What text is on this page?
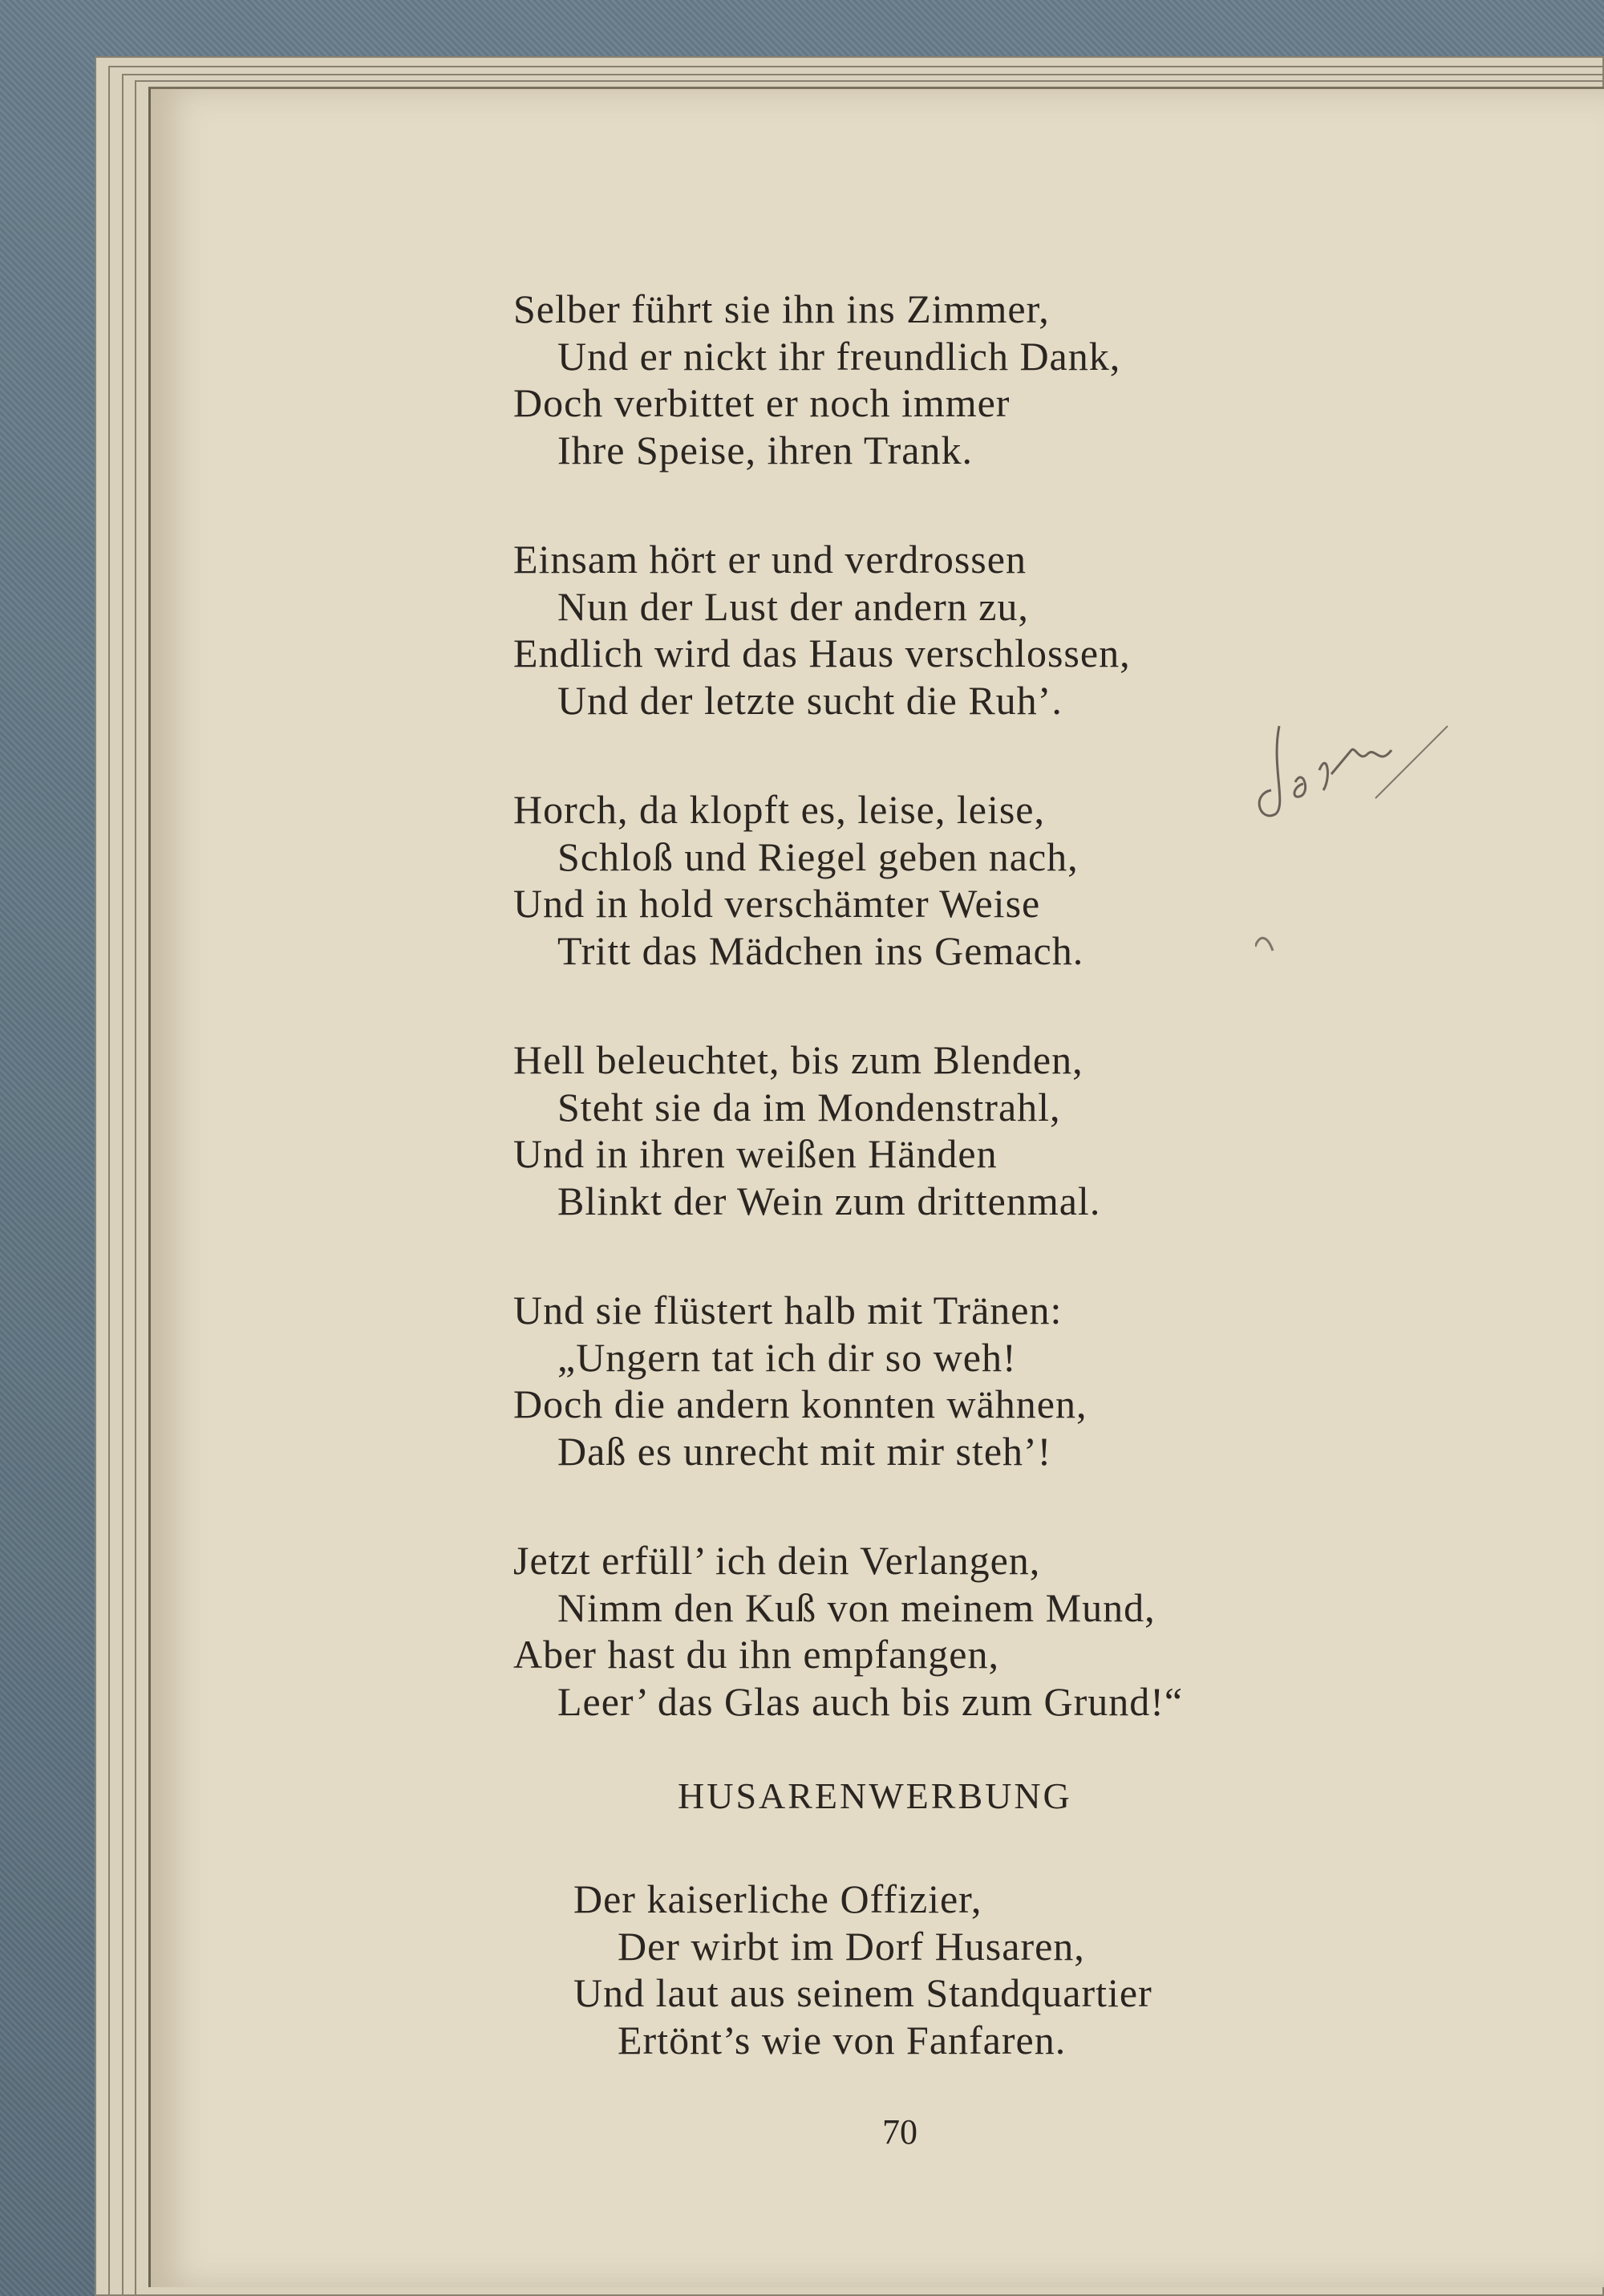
Selber führt sie ihn ins Zimmer,
Und er nickt ihr freundlich Dank,
Doch verbittet er noch immer
Ihre Speise, ihren Trank.
Einsam hört er und verdrossen
Nun der Lust der andern zu,
Endlich wird das Haus verschlossen,
Und der letzte sucht die Ruh’.
Horch, da klopft es, leise, leise,
Schloß und Riegel geben nach,
Und in hold verschämter Weise
Tritt das Mädchen ins Gemach.
Hell beleuchtet, bis zum Blenden,
Steht sie da im Mondenstrahl,
Und in ihren weißen Händen
Blinkt der Wein zum drittenmal.
Und sie flüstert halb mit Tränen:
„Ungern tat ich dir so weh!
Doch die andern konnten wähnen,
Daß es unrecht mit mir steh’!
Jetzt erfüll’ ich dein Verlangen,
Nimm den Kuß von meinem Mund,
Aber hast du ihn empfangen,
Leer’ das Glas auch bis zum Grund!“
HUSARENWERBUNG
Der kaiserliche Offizier,
Der wirbt im Dorf Husaren,
Und laut aus seinem Standquartier
Ertönt’s wie von Fanfaren.
70
